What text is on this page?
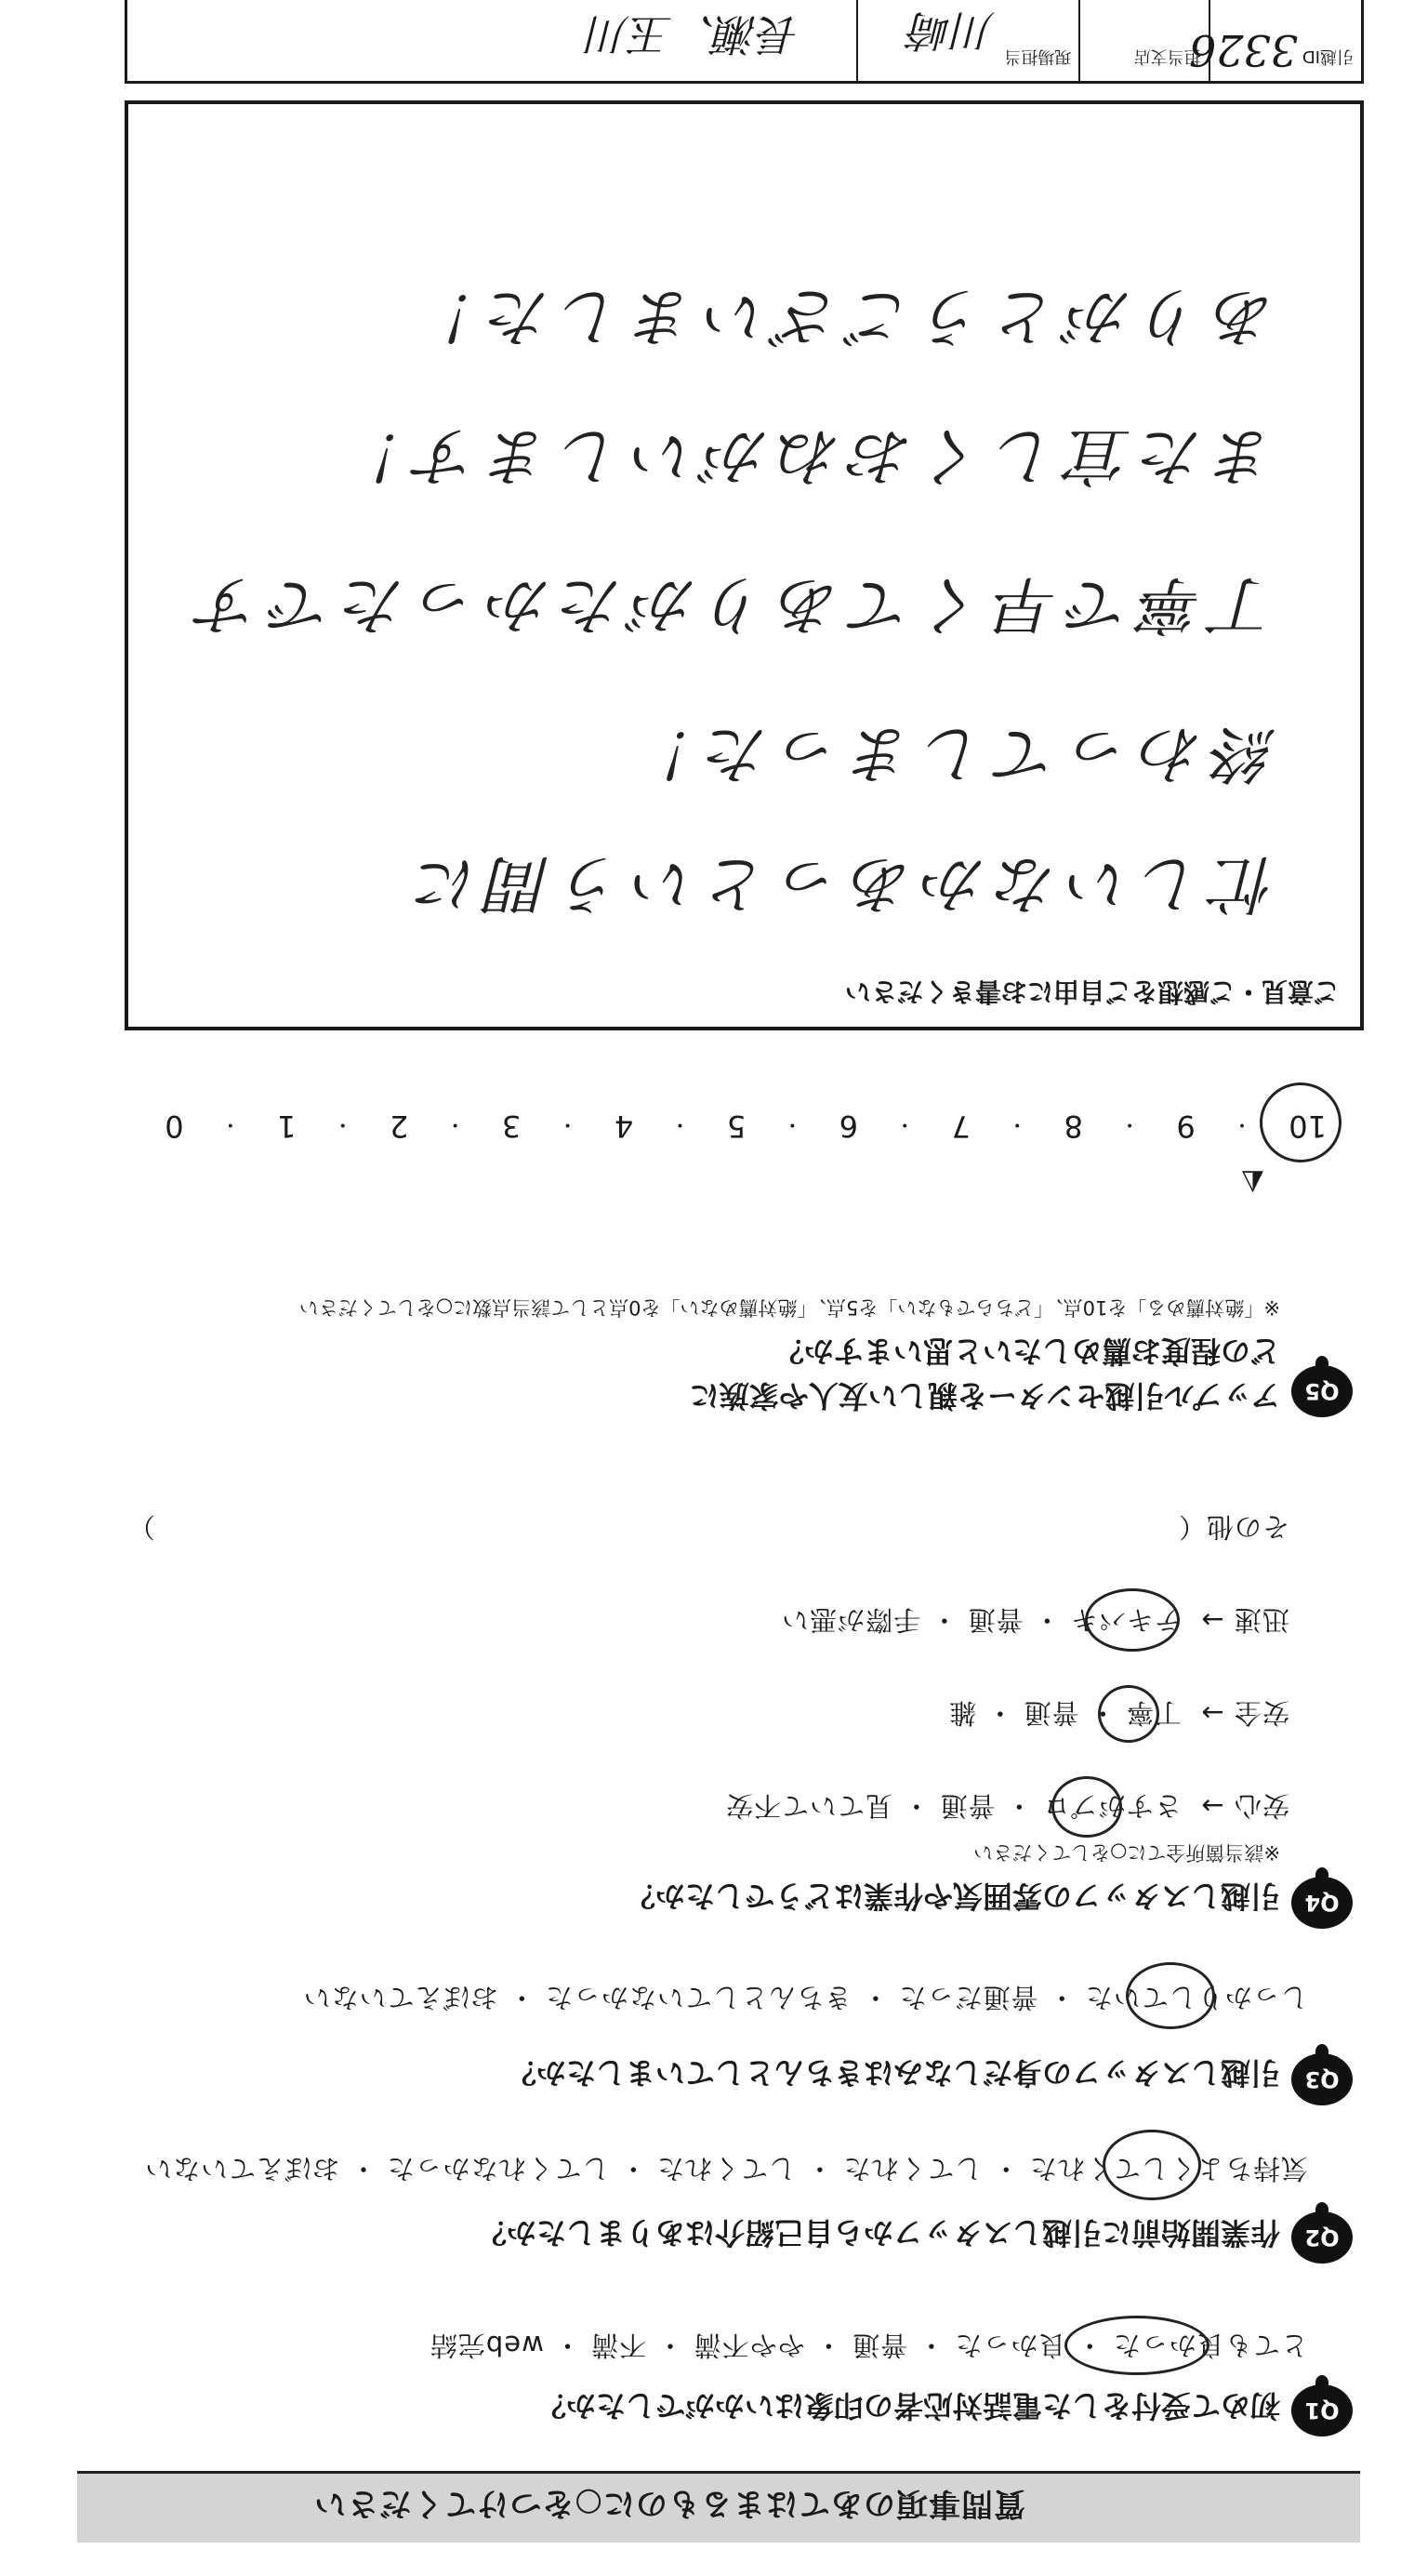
質問事項のあてはまるものに○をつけてください
Q1
初めて受付をした電話対応者の印象はいかがでしたか？
とても良かった ・ 良かった ・ 普通 ・ やや不満 ・ 不満 ・ web完結
Q2
作業開始前に引越しスタッフから自己紹介はありましたか？
気持ちよくしてくれた ・ してくれた ・ してくれた ・ してくれなかった ・ おぼえていない
Q3
引越しスタッフの身だしなみはきちんとしていましたか？
しっかりしていた ・ 普通だった ・ きちんとしていなかった ・ おぼえていない
Q4
引越しスタッフの雰囲気や作業はどうでしたか？
※該当箇所全てに○をしてください
安心 →  さすがプロ ・ 普通 ・ 見ていて不安
安全 →  丁寧 ・ 普通 ・ 雑
迅速 →  テキパキ ・ 普通 ・ 手際が悪い
その他（
）
Q5
アップル引越センターを親しい友人や家族に
どの程度お薦めしたいと思いますか？
※「絶対薦める」を10点、「どちらでもない」を5点、「絶対薦めない」を0点として該当点数に○をしてください
◭
10
・
9
・
8
・
7
・
6
・
5
・
4
・
3
・
2
・
1
・
0
ご意見・ご感想をご自由にお書きください
忙しいなかあっという間に
終わってしまった！
丁寧で早くてありがたかったです
また宜しくおねがいします！
ありがとうございました！
引越ID
3326
担当支店
現場担当
川崎
長瀬、玉川
